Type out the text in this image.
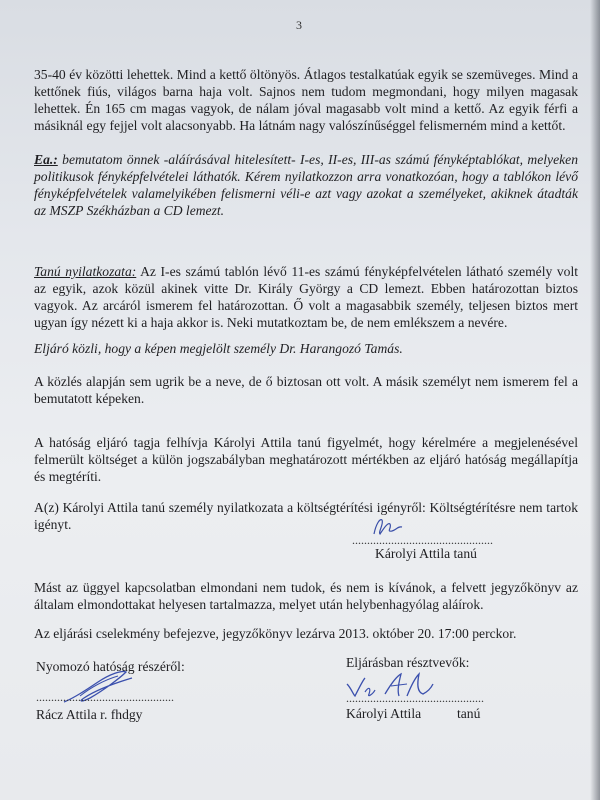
3

35-40 év közötti lehettek. Mind a kettő öltönyös. Átlagos testalkatúak egyik se szemüveges. Mind a kettőnek fiús, világos barna haja volt. Sajnos nem tudom megmondani, hogy milyen magasak lehettek. Én 165 cm magas vagyok, de nálam jóval magasabb volt mind a kettő. Az egyik férfi a másiknál egy fejjel volt alacsonyabb. Ha látnám nagy valószínűséggel felismerném mind a kettőt.

Ea.: bemutatom önnek -aláírásával hitelesített- I-es, II-es, III-as számú fényképtablókat, melyeken politikusok fényképfelvételei láthatók. Kérem nyilatkozzon arra vonatkozóan, hogy a tablókon lévő fényképfelvételek valamelyikében felismerni véli-e azt vagy azokat a személyeket, akiknek átadták az MSZP Székházban a CD lemezt.

Tanú nyilatkozata: Az I-es számú tablón lévő 11-es számú fényképfelvételen látható személy volt az egyik, azok közül akinek vitte Dr. Király György a CD lemezt. Ebben határozottan biztos vagyok. Az arcáról ismerem fel határozottan. Ő volt a magasabbik személy, teljesen biztos mert ugyan így nézett ki a haja akkor is. Neki mutatkoztam be, de nem emlékszem a nevére.

Eljáró közli, hogy a képen megjelölt személy Dr. Harangozó Tamás.

A közlés alapján sem ugrik be a neve, de ő biztosan ott volt. A másik személyt nem ismerem fel a bemutatott képeken.

A hatóság eljáró tagja felhívja Károlyi Attila tanú figyelmét, hogy kérelmére a megjelenésével felmerült költséget a külön jogszabályban meghatározott mértékben az eljáró hatóság megállapítja és megtéríti.

A(z) Károlyi Attila tanú személy nyilatkozata a költségtérítési igényről: Költségtérítésre nem tartok igényt.

...............................................
Károlyi Attila tanú

Mást az üggyel kapcsolatban elmondani nem tudok, és nem is kívánok, a felvett jegyzőkönyv az általam elmondottakat helyesen tartalmazza, melyet után helybenhagyólag aláírok.

Az eljárási cselekmény befejezve, jegyzőkönyv lezárva 2013. október 20. 17:00 perckor.

Nyomozó hatóság részéről:	Eljárásban résztvevők:
..............................................
Rácz Attila r. fhdgy
..............................................
Károlyi Attila	tanú
